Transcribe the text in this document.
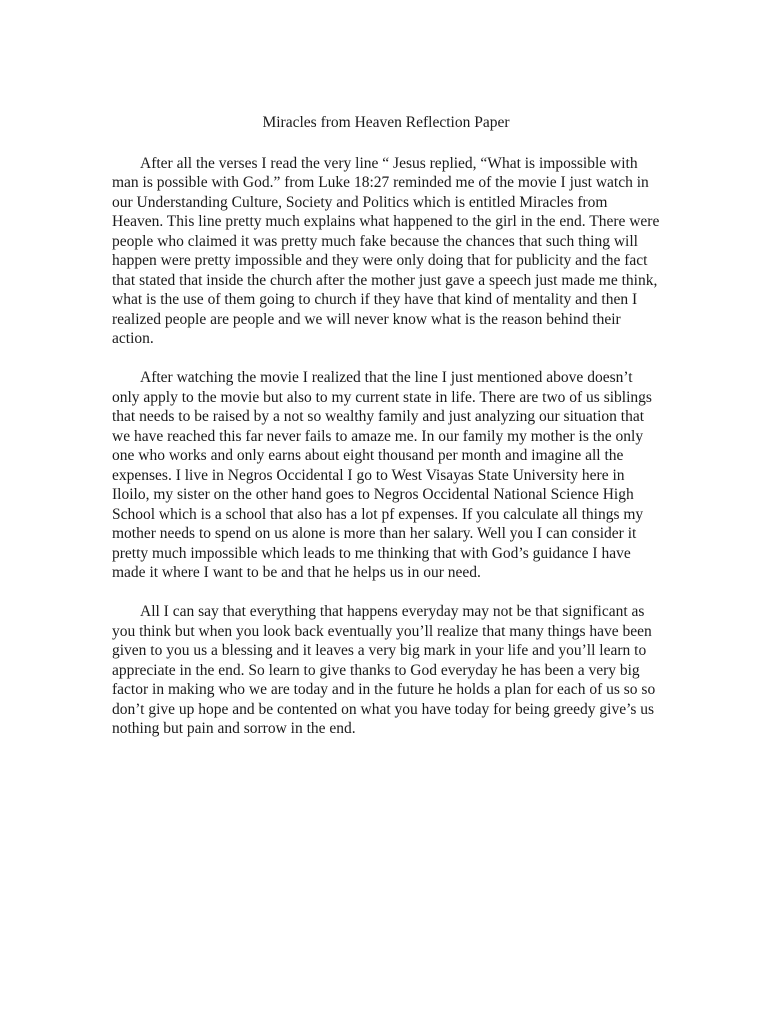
Miracles from Heaven Reflection Paper

After all the verses I read the very line “ Jesus replied, “What is impossible with man is possible with God.” from Luke 18:27 reminded me of the movie I just watch in our Understanding Culture, Society and Politics which is entitled Miracles from Heaven. This line pretty much explains what happened to the girl in the end. There were people who claimed it was pretty much fake because the chances that such thing will happen were pretty impossible and they were only doing that for publicity and the fact that stated that inside the church after the mother just gave a speech just made me think, what is the use of them going to church if they have that kind of mentality and then I realized people are people and we will never know what is the reason behind their action.

After watching the movie I realized that the line I just mentioned above doesn’t only apply to the movie but also to my current state in life. There are two of us siblings that needs to be raised by a not so wealthy family and just analyzing our situation that we have reached this far never fails to amaze me. In our family my mother is the only one who works and only earns about eight thousand per month and imagine all the expenses. I live in Negros Occidental I go to West Visayas State University here in Iloilo, my sister on the other hand goes to Negros Occidental National Science High School which is a school that also has a lot pf expenses. If you calculate all things my mother needs to spend on us alone is more than her salary. Well you I can consider it pretty much impossible which leads to me thinking that with God’s guidance I have made it where I want to be and that he helps us in our need.

All I can say that everything that happens everyday may not be that significant as you think but when you look back eventually you’ll realize that many things have been given to you us a blessing and it leaves a very big mark in your life and you’ll learn to appreciate in the end. So learn to give thanks to God everyday he has been a very big factor in making who we are today and in the future he holds a plan for each of us so so don’t give up hope and be contented on what you have today for being greedy give’s us nothing but pain and sorrow in the end.
